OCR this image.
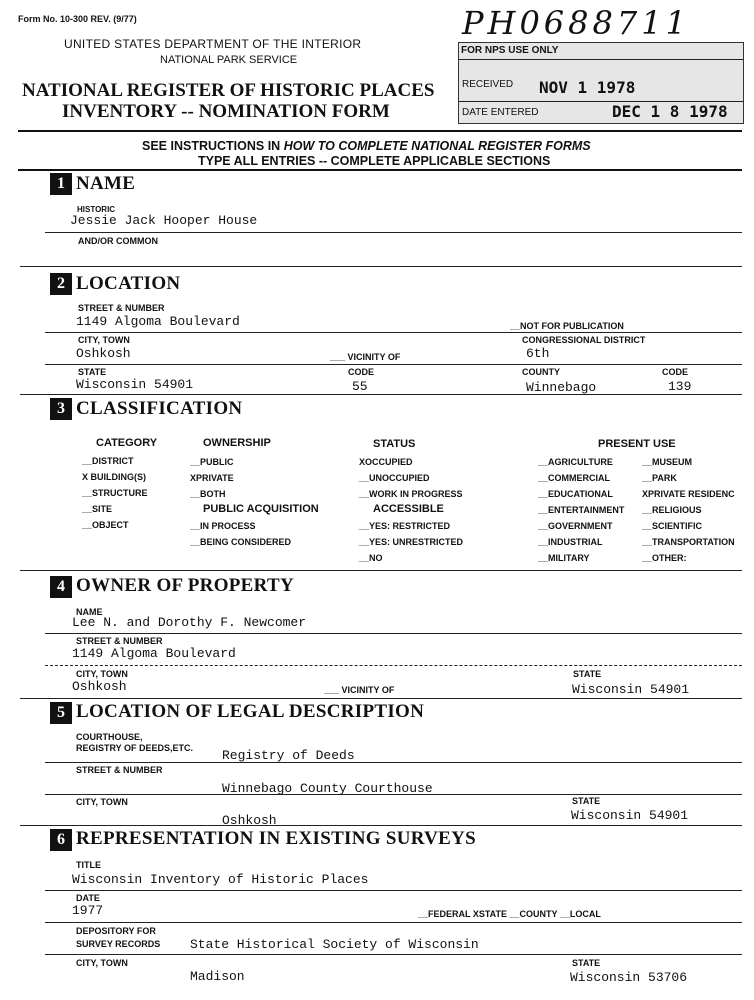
Form No. 10-300 REV. (9/77)
UNITED STATES DEPARTMENT OF THE INTERIOR
NATIONAL PARK SERVICE
NATIONAL REGISTER OF HISTORIC PLACES
INVENTORY -- NOMINATION FORM
PH0688711
FOR NPS USE ONLY
RECEIVED NOV 1 1978
DATE ENTERED	DEC 1 8 1978
SEE INSTRUCTIONS IN HOW TO COMPLETE NATIONAL REGISTER FORMS
TYPE ALL ENTRIES -- COMPLETE APPLICABLE SECTIONS
1 NAME
HISTORIC
Jessie Jack Hooper House
AND/OR COMMON
2 LOCATION
STREET & NUMBER
1149 Algoma Boulevard	__NOT FOR PUBLICATION
CITY, TOWN	CONGRESSIONAL DISTRICT
Oshkosh	___ VICINITY OF	6th
STATE	CODE	COUNTY	CODE
Wisconsin 54901	55	Winnebago	139
3 CLASSIFICATION
CATEGORY
__DISTRICT
X BUILDING(S)
__STRUCTURE
__SITE
__OBJECT
OWNERSHIP
__PUBLIC
XPRIVATE
__BOTH
PUBLIC ACQUISITION
__IN PROCESS
__BEING CONSIDERED
STATUS
XOCCUPIED
__UNOCCUPIED
__WORK IN PROGRESS
ACCESSIBLE
__YES: RESTRICTED
__YES: UNRESTRICTED
__NO
PRESENT USE
__AGRICULTURE
__COMMERCIAL
__EDUCATIONAL
__ENTERTAINMENT
__GOVERNMENT
__INDUSTRIAL
__MILITARY
__MUSEUM
__PARK
XPRIVATE RESIDENC
__RELIGIOUS
__SCIENTIFIC
__TRANSPORTATION
__OTHER:
4 OWNER OF PROPERTY
NAME
Lee N. and Dorothy F. Newcomer
STREET & NUMBER
1149 Algoma Boulevard
CITY, TOWN	STATE
Oshkosh	___ VICINITY OF	Wisconsin 54901
5 LOCATION OF LEGAL DESCRIPTION
COURTHOUSE,
REGISTRY OF DEEDS,ETC. Registry of Deeds
STREET & NUMBER
Winnebago County Courthouse
CITY, TOWN	STATE
Oshkosh	Wisconsin 54901
6 REPRESENTATION IN EXISTING SURVEYS
TITLE
Wisconsin Inventory of Historic Places
DATE
1977	__FEDERAL XSTATE __COUNTY __LOCAL
DEPOSITORY FOR
SURVEY RECORDS State Historical Society of Wisconsin
CITY, TOWN	STATE
Madison	Wisconsin 53706
